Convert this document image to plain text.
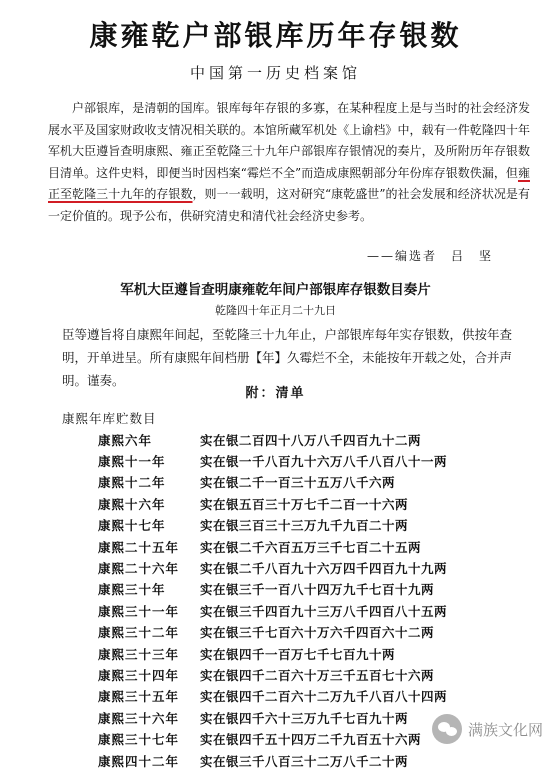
康雍乾户部银库历年存银数
中国第一历史档案馆

户部银库，是清朝的国库。银库每年存银的多寡，在某种程度上是与当时的社会经济发展水平及国家财政收支情况相关联的。本馆所藏军机处《上谕档》中，载有一件乾隆四十年军机大臣遵旨查明康熙、雍正至乾隆三十九年户部银库存银情况的奏片，及所附历年存银数目清单。这件史料，即便当时因档案“霉烂不全”而造成康熙朝部分年份库存银数佚漏，但雍正至乾隆三十九年的存银数，则一一载明，这对研究“康乾盛世”的社会发展和经济状况是有一定价值的。现予公布，供研究清史和清代社会经济史参考。

——编选者　吕　坚
军机大臣遵旨查明康雍乾年间户部银库存银数目奏片
乾隆四十年正月二十九日

臣等遵旨将自康熙年间起，至乾隆三十九年止，户部银库每年实存银数，供按年查明，开单进呈。所有康熙年间档册【年】久霉烂不全，未能按年开载之处，合并声明。谨奏。

附：清单
康熙年库贮数目
康熙六年	实在银二百四十八万八千四百九十二两
康熙十一年	实在银一千八百九十六万八千八百八十一两
康熙十二年	实在银二千一百三十五万八千六两
康熙十六年	实在银五百三十万七千二百一十六两
康熙十七年	实在银三百三十三万九千九百二十两
康熙二十五年	实在银二千六百五万三千七百二十五两
康熙二十六年	实在银二千八百九十六万四千四百九十九两
康熙三十年	实在银三千一百八十四万九千七百十九两
康熙三十一年	实在银三千四百九十三万八千四百八十五两
康熙三十二年	实在银三千七百六十万六千四百六十二两
康熙三十三年	实在银四千一百万七千七百九十两
康熙三十四年	实在银四千二百六十万三千五百七十六两
康熙三十五年	实在银四千二百六十二万九千八百八十四两
康熙三十六年	实在银四千六十三万九千七百九十两
康熙三十七年	实在银四千五十四万二千九百五十六两
康熙四十二年	实在银三千八百三十二万八千二十两
满族文化网
